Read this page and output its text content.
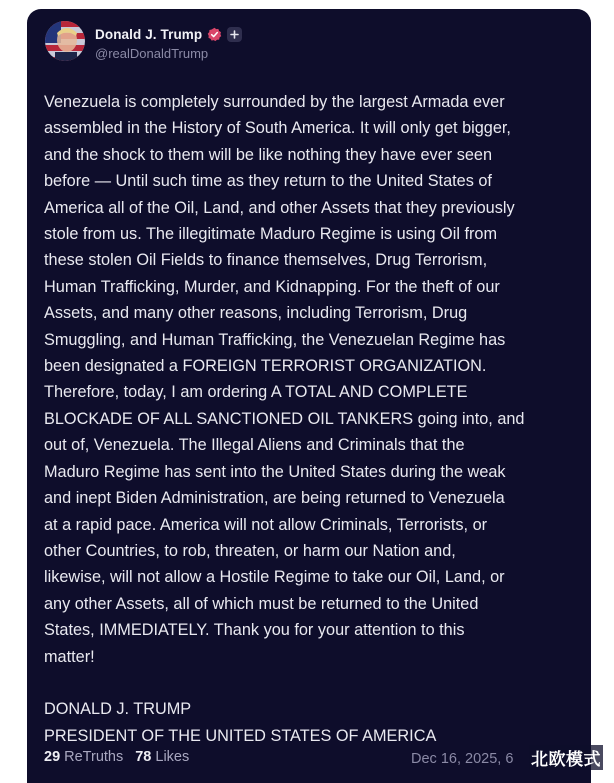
Donald J. Trump
@realDonaldTrump

Venezuela is completely surrounded by the largest Armada ever
assembled in the History of South America. It will only get bigger,
and the shock to them will be like nothing they have ever seen
before — Until such time as they return to the United States of
America all of the Oil, Land, and other Assets that they previously
stole from us. The illegitimate Maduro Regime is using Oil from
these stolen Oil Fields to finance themselves, Drug Terrorism,
Human Trafficking, Murder, and Kidnapping. For the theft of our
Assets, and many other reasons, including Terrorism, Drug
Smuggling, and Human Trafficking, the Venezuelan Regime has
been designated a FOREIGN TERRORIST ORGANIZATION.
Therefore, today, I am ordering A TOTAL AND COMPLETE
BLOCKADE OF ALL SANCTIONED OIL TANKERS going into, and
out of, Venezuela. The Illegal Aliens and Criminals that the
Maduro Regime has sent into the United States during the weak
and inept Biden Administration, are being returned to Venezuela
at a rapid pace. America will not allow Criminals, Terrorists, or
other Countries, to rob, threaten, or harm our Nation and,
likewise, will not allow a Hostile Regime to take our Oil, Land, or
any other Assets, all of which must be returned to the United
States, IMMEDIATELY. Thank you for your attention to this
matter!

DONALD J. TRUMP
PRESIDENT OF THE UNITED STATES OF AMERICA

29 ReTruths 78 Likes	Dec 16, 2025, 6 北欧模式
